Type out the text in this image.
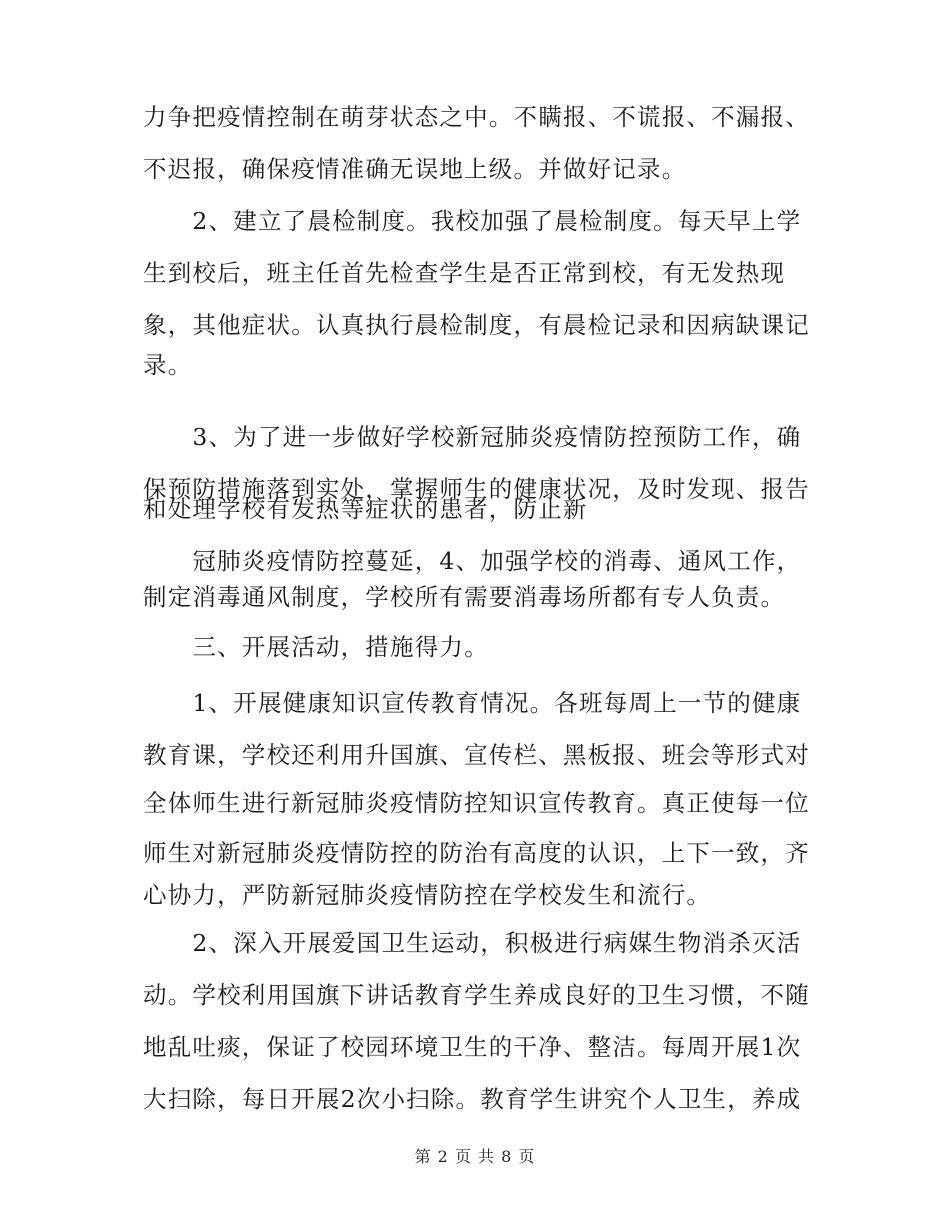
力争把疫情控制在萌芽状态之中。不瞒报、不谎报、不漏报、
不迟报，确保疫情准确无误地上级。并做好记录。
　　2、建立了晨检制度。我校加强了晨检制度。每天早上学
生到校后，班主任首先检查学生是否正常到校，有无发热现
象，其他症状。认真执行晨检制度，有晨检记录和因病缺课记
录。
　　3、为了进一步做好学校新冠肺炎疫情防控预防工作，确
保预防措施落到实处，掌握师生的健康状况，及时发现、报告
和处理学校有发热等症状的患者，防止新
　　冠肺炎疫情防控蔓延，4、加强学校的消毒、通风工作，
制定消毒通风制度，学校所有需要消毒场所都有专人负责。
　　三、开展活动，措施得力。
　　1、开展健康知识宣传教育情况。各班每周上一节的健康
教育课，学校还利用升国旗、宣传栏、黑板报、班会等形式对
全体师生进行新冠肺炎疫情防控知识宣传教育。真正使每一位
师生对新冠肺炎疫情防控的防治有高度的认识，上下一致，齐
心协力，严防新冠肺炎疫情防控在学校发生和流行。
　　2、深入开展爱国卫生运动，积极进行病媒生物消杀灭活
动。学校利用国旗下讲话教育学生养成良好的卫生习惯，不随
地乱吐痰，保证了校园环境卫生的干净、整洁。每周开展1次
大扫除，每日开展2次小扫除。教育学生讲究个人卫生，养成
第 2 页 共 8 页
